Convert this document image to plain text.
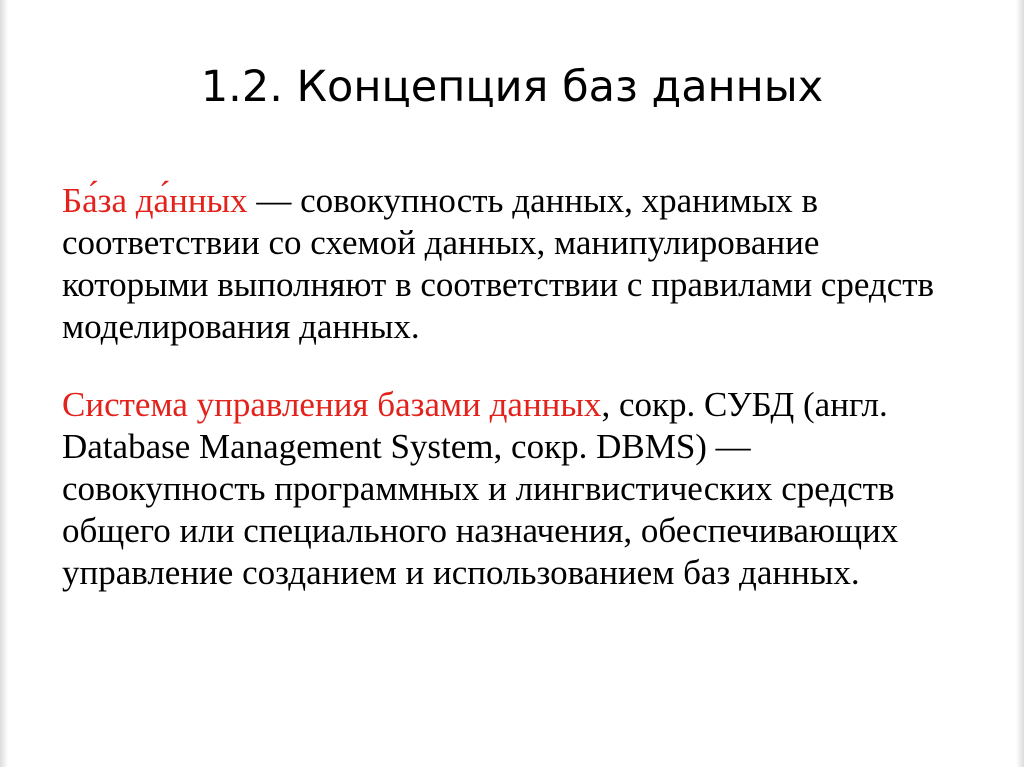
1.2. Концепция баз данных

Ба́за да́нных — совокупность данных, хранимых в соответствии со схемой данных, манипулирование которыми выполняют в соответствии с правилами средств моделирования данных.

Система управления базами данных, сокр. СУБД (англ. Database Management System, сокр. DBMS) — совокупность программных и лингвистических средств общего или специального назначения, обеспечивающих управление созданием и использованием баз данных.
